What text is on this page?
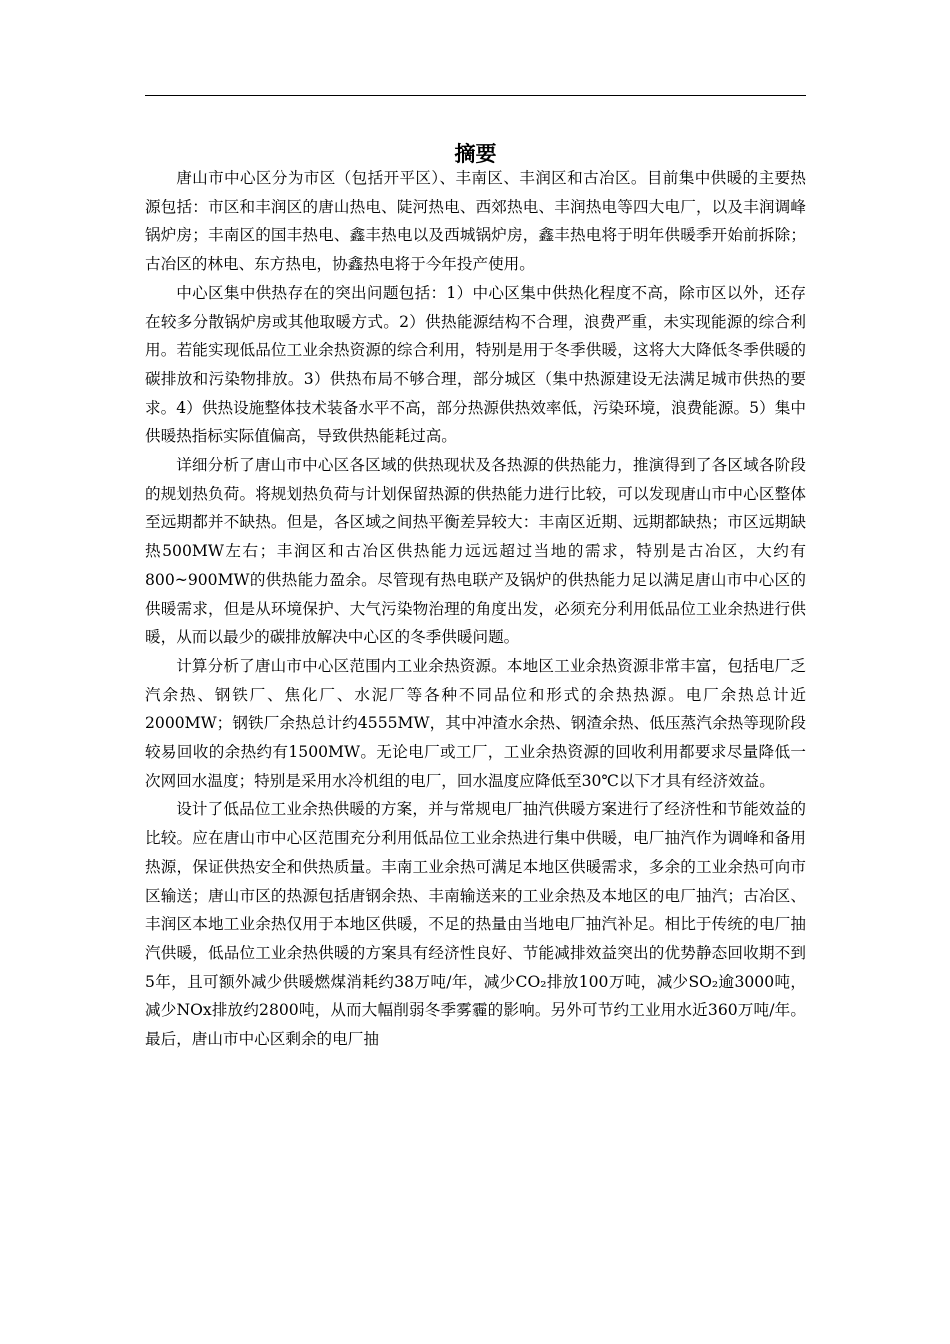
摘要

唐山市中心区分为市区（包括开平区）、丰南区、丰润区和古冶区。目前集中供暖的主要热源包括：市区和丰润区的唐山热电、陡河热电、西郊热电、丰润热电等四大电厂，以及丰润调峰锅炉房；丰南区的国丰热电、鑫丰热电以及西城锅炉房，鑫丰热电将于明年供暖季开始前拆除；古冶区的林电、东方热电，协鑫热电将于今年投产使用。

中心区集中供热存在的突出问题包括：1）中心区集中供热化程度不高，除市区以外，还存在较多分散锅炉房或其他取暖方式。2）供热能源结构不合理，浪费严重，未实现能源的综合利用。若能实现低品位工业余热资源的综合利用，特别是用于冬季供暖，这将大大降低冬季供暖的碳排放和污染物排放。3）供热布局不够合理，部分城区（集中热源建设无法满足城市供热的要求。4）供热设施整体技术装备水平不高，部分热源供热效率低，污染环境，浪费能源。5）集中供暖热指标实际值偏高，导致供热能耗过高。

详细分析了唐山市中心区各区域的供热现状及各热源的供热能力，推演得到了各区域各阶段的规划热负荷。将规划热负荷与计划保留热源的供热能力进行比较，可以发现唐山市中心区整体至远期都并不缺热。但是，各区域之间热平衡差异较大：丰南区近期、远期都缺热；市区远期缺热500MW左右；丰润区和古冶区供热能力远远超过当地的需求，特别是古冶区，大约有800~900MW的供热能力盈余。尽管现有热电联产及锅炉的供热能力足以满足唐山市中心区的供暖需求，但是从环境保护、大气污染物治理的角度出发，必须充分利用低品位工业余热进行供暖，从而以最少的碳排放解决中心区的冬季供暖问题。

计算分析了唐山市中心区范围内工业余热资源。本地区工业余热资源非常丰富，包括电厂乏汽余热、钢铁厂、焦化厂、水泥厂等各种不同品位和形式的余热热源。电厂余热总计近2000MW；钢铁厂余热总计约4555MW，其中冲渣水余热、钢渣余热、低压蒸汽余热等现阶段较易回收的余热约有1500MW。无论电厂或工厂，工业余热资源的回收利用都要求尽量降低一次网回水温度；特别是采用水冷机组的电厂，回水温度应降低至30℃以下才具有经济效益。

设计了低品位工业余热供暖的方案，并与常规电厂抽汽供暖方案进行了经济性和节能效益的比较。应在唐山市中心区范围充分利用低品位工业余热进行集中供暖，电厂抽汽作为调峰和备用热源，保证供热安全和供热质量。丰南工业余热可满足本地区供暖需求，多余的工业余热可向市区输送；唐山市区的热源包括唐钢余热、丰南输送来的工业余热及本地区的电厂抽汽；古冶区、丰润区本地工业余热仅用于本地区供暖，不足的热量由当地电厂抽汽补足。相比于传统的电厂抽汽供暖，低品位工业余热供暖的方案具有经济性良好、节能减排效益突出的优势静态回收期不到5年，且可额外减少供暖燃煤消耗约38万吨/年，减少CO₂排放100万吨，减少SO₂逾3000吨，减少NOx排放约2800吨，从而大幅削弱冬季雾霾的影响。另外可节约工业用水近360万吨/年。最后，唐山市中心区剩余的电厂抽
